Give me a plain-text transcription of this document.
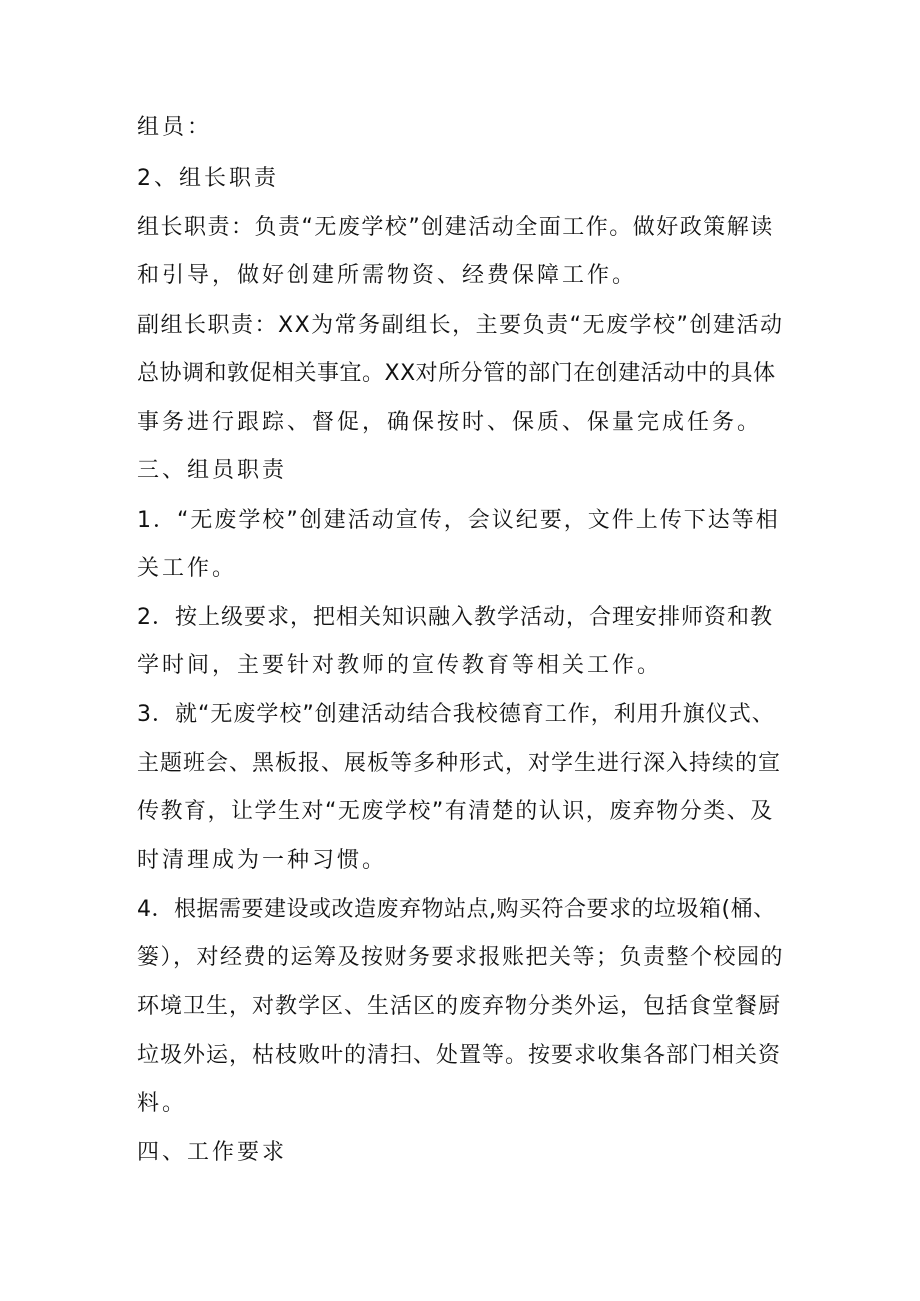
组员：
2、组长职责
组长职责：负责“无废学校”创建活动全面工作。做好政策解读
和引导，做好创建所需物资、经费保障工作。
副组长职责：XX为常务副组长，主要负责“无废学校”创建活动
总协调和敦促相关事宜。XX对所分管的部门在创建活动中的具体
事务进行跟踪、督促，确保按时、保质、保量完成任务。
三、组员职责
1．“无废学校”创建活动宣传，会议纪要，文件上传下达等相
关工作。
2．按上级要求，把相关知识融入教学活动，合理安排师资和教
学时间，主要针对教师的宣传教育等相关工作。
3．就“无废学校”创建活动结合我校德育工作，利用升旗仪式、
主题班会、黑板报、展板等多种形式，对学生进行深入持续的宣
传教育，让学生对“无废学校”有清楚的认识，废弃物分类、及
时清理成为一种习惯。
4．根据需要建设或改造废弃物站点,购买符合要求的垃圾箱(桶、
篓），对经费的运筹及按财务要求报账把关等；负责整个校园的
环境卫生，对教学区、生活区的废弃物分类外运，包括食堂餐厨
垃圾外运，枯枝败叶的清扫、处置等。按要求收集各部门相关资
料。
四、工作要求
